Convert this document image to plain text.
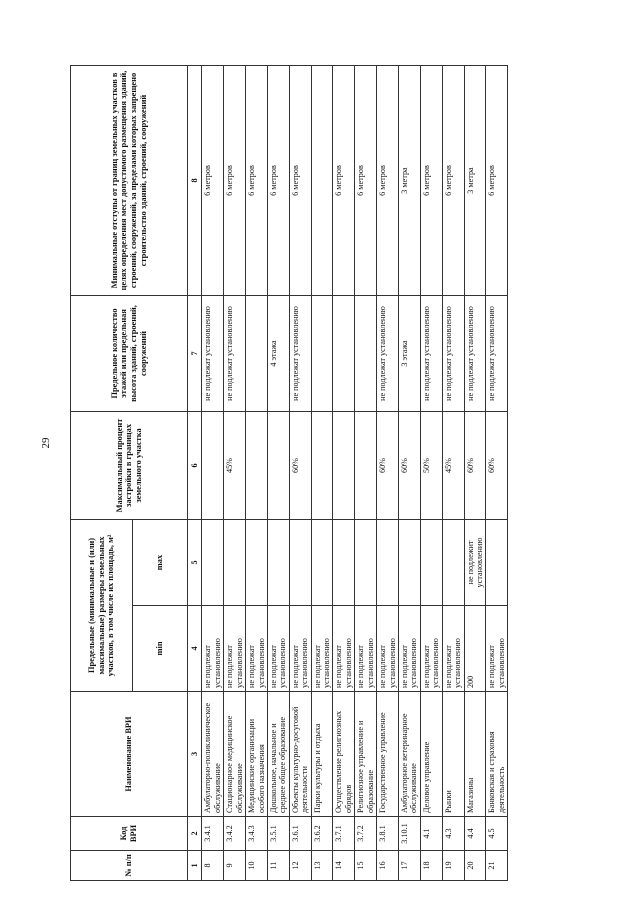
29
№ п/п	Код ВРИ	Наименование ВРИ	Предельные (минимальные и (или) максимальные) размеры земельных участков, в том числе их площадь, м²		Максимальный процент застройки в границах земельного участка	Предельное количество этажей или предельная высота зданий, строений, сооружений	Минимальные отступы от границ земельных участков в целях определения мест допустимого размещения зданий, строений, сооружений, за пределами которых запрещено строительство зданий, строений, сооружений
			min	max			
1	2	3	4	5	6	7	8
8	3.4.1	Амбулаторно-поликлиническое обслуживание	не подлежат установлению			не подлежат установлению	6 метров
9	3.4.2	Стационарное медицинское обслуживание	не подлежат установлению		45%	не подлежат установлению	6 метров
10	3.4.3	Медицинские организации особого назначения	не подлежат установлению				6 метров
11	3.5.1	Дошкольное, начальное и среднее общее образование	не подлежат установлению			4 этажа	6 метров
12	3.6.1	Объекты культурно-досуговой деятельности	не подлежат установлению		60%	не подлежат установлению	6 метров
13	3.6.2	Парки культуры и отдыха	не подлежат установлению				
14	3.7.1	Осуществление религиозных обрядов	не подлежат установлению				6 метров
15	3.7.2	Религиозное управление и образование	не подлежат установлению				6 метров
16	3.8.1	Государственное управление	не подлежат установлению		60%	не подлежат установлению	6 метров
17	3.10.1	Амбулаторное ветеринарное обслуживание	не подлежат установлению		60%	3 этажа	3 метра
18	4.1	Деловое управление	не подлежат установлению		50%	не подлежат установлению	6 метров
19	4.3	Рынки	не подлежат установлению		45%	не подлежат установлению	6 метров
20	4.4	Магазины	200	не подлежит установлению	60%	не подлежат установлению	3 метра
21	4.5	Банковская и страховая деятельность	не подлежат установлению		60%	не подлежат установлению	6 метров
